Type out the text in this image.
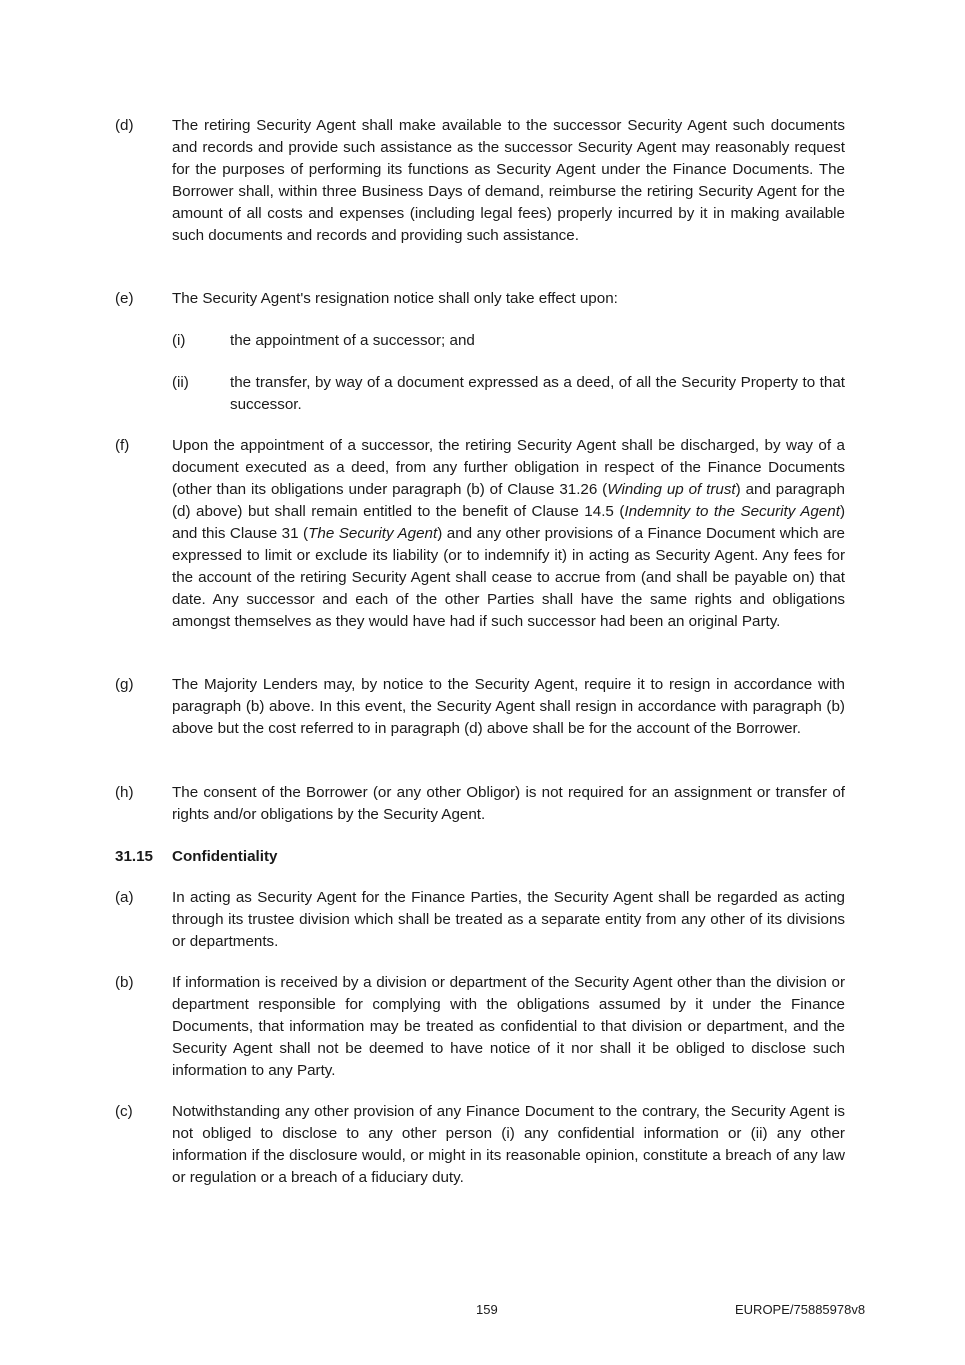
(d)	The retiring Security Agent shall make available to the successor Security Agent such documents and records and provide such assistance as the successor Security Agent may reasonably request for the purposes of performing its functions as Security Agent under the Finance Documents. The Borrower shall, within three Business Days of demand, reimburse the retiring Security Agent for the amount of all costs and expenses (including legal fees) properly incurred by it in making available such documents and records and providing such assistance.
(e)	The Security Agent's resignation notice shall only take effect upon:
(i)	the appointment of a successor; and
(ii)	the transfer, by way of a document expressed as a deed, of all the Security Property to that successor.
(f)	Upon the appointment of a successor, the retiring Security Agent shall be discharged, by way of a document executed as a deed, from any further obligation in respect of the Finance Documents (other than its obligations under paragraph (b) of Clause 31.26 (Winding up of trust) and paragraph (d) above) but shall remain entitled to the benefit of Clause 14.5 (Indemnity to the Security Agent) and this Clause 31 (The Security Agent) and any other provisions of a Finance Document which are expressed to limit or exclude its liability (or to indemnify it) in acting as Security Agent. Any fees for the account of the retiring Security Agent shall cease to accrue from (and shall be payable on) that date. Any successor and each of the other Parties shall have the same rights and obligations amongst themselves as they would have had if such successor had been an original Party.
(g)	The Majority Lenders may, by notice to the Security Agent, require it to resign in accordance with paragraph (b) above. In this event, the Security Agent shall resign in accordance with paragraph (b) above but the cost referred to in paragraph (d) above shall be for the account of the Borrower.
(h)	The consent of the Borrower (or any other Obligor) is not required for an assignment or transfer of rights and/or obligations by the Security Agent.
31.15 Confidentiality
(a)	In acting as Security Agent for the Finance Parties, the Security Agent shall be regarded as acting through its trustee division which shall be treated as a separate entity from any other of its divisions or departments.
(b)	If information is received by a division or department of the Security Agent other than the division or department responsible for complying with the obligations assumed by it under the Finance Documents, that information may be treated as confidential to that division or department, and the Security Agent shall not be deemed to have notice of it nor shall it be obliged to disclose such information to any Party.
(c)	Notwithstanding any other provision of any Finance Document to the contrary, the Security Agent is not obliged to disclose to any other person (i) any confidential information or (ii) any other information if the disclosure would, or might in its reasonable opinion, constitute a breach of any law or regulation or a breach of a fiduciary duty.
159	EUROPE/75885978v8
